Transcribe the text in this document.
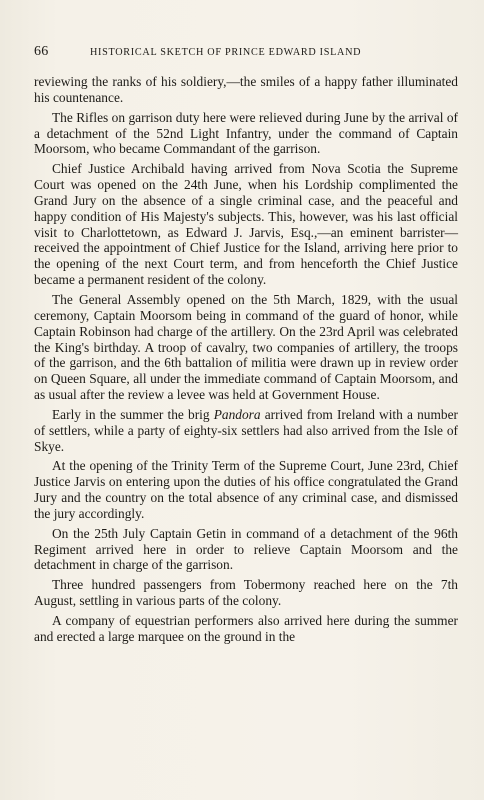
66	HISTORICAL SKETCH OF PRINCE EDWARD ISLAND

reviewing the ranks of his soldiery,—the smiles of a happy father illuminated his countenance.

The Rifles on garrison duty here were relieved during June by the arrival of a detachment of the 52nd Light Infantry, under the command of Captain Moorsom, who became Commandant of the garrison.

Chief Justice Archibald having arrived from Nova Scotia the Supreme Court was opened on the 24th June, when his Lordship complimented the Grand Jury on the absence of a single criminal case, and the peaceful and happy condition of His Majesty's subjects. This, however, was his last official visit to Charlottetown, as Edward J. Jarvis, Esq.,—an eminent barrister—received the appointment of Chief Justice for the Island, arriving here prior to the opening of the next Court term, and from henceforth the Chief Justice became a permanent resident of the colony.

The General Assembly opened on the 5th March, 1829, with the usual ceremony, Captain Moorsom being in command of the guard of honor, while Captain Robinson had charge of the artillery. On the 23rd April was celebrated the King's birthday. A troop of cavalry, two companies of artillery, the troops of the garrison, and the 6th battalion of militia were drawn up in review order on Queen Square, all under the immediate command of Captain Moorsom, and as usual after the review a levee was held at Government House.

Early in the summer the brig Pandora arrived from Ireland with a number of settlers, while a party of eighty-six settlers had also arrived from the Isle of Skye.

At the opening of the Trinity Term of the Supreme Court, June 23rd, Chief Justice Jarvis on entering upon the duties of his office congratulated the Grand Jury and the country on the total absence of any criminal case, and dismissed the jury accordingly.

On the 25th July Captain Getin in command of a detachment of the 96th Regiment arrived here in order to relieve Captain Moorsom and the detachment in charge of the garrison.

Three hundred passengers from Tobermony reached here on the 7th August, settling in various parts of the colony.

A company of equestrian performers also arrived here during the summer and erected a large marquee on the ground in the
